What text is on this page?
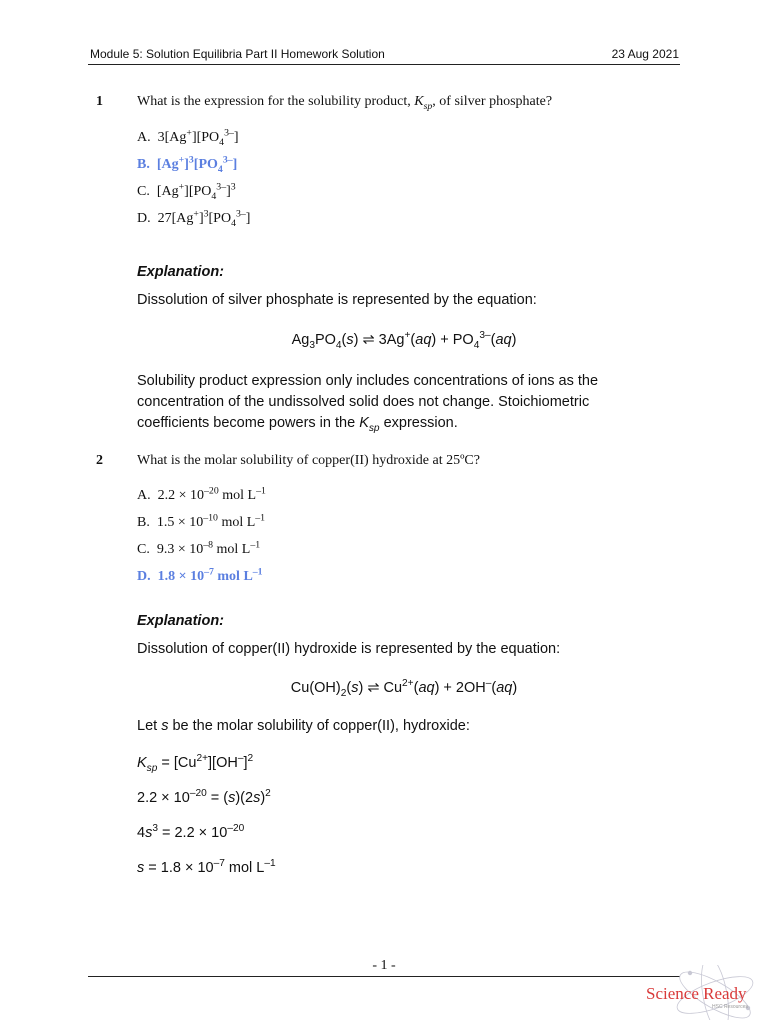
Module 5: Solution Equilibria Part II Homework Solution	23 Aug 2021
1 What is the expression for the solubility product, $K_{sp}$, of silver phosphate?
A.  $3[Ag^+][PO_4^{3-}]$
B.  $[Ag^+]^3[PO_4^{3-}]$
C.  $[Ag^+][PO_4^{3-}]^3$
D.  $27[Ag^+]^3[PO_4^{3-}]$
Explanation:
Dissolution of silver phosphate is represented by the equation:
$Ag_3PO_4(s)$ ⇌ $3Ag^+(aq) + PO_4^{3-}(aq)$
Solubility product expression only includes concentrations of ions as the concentration of the undissolved solid does not change. Stoichiometric coefficients become powers in the $K_{sp}$ expression.
2 What is the molar solubility of copper(II) hydroxide at 25ºC?
A.  $2.2 \times 10^{-20}$ mol $L^{-1}$
B.  $1.5 \times 10^{-10}$ mol $L^{-1}$
C.  $9.3 \times 10^{-8}$ mol $L^{-1}$
D.  $1.8 \times 10^{-7}$ mol $L^{-1}$
Explanation:
Dissolution of copper(II) hydroxide is represented by the equation:
$Cu(OH)_2(s)$ ⇌ $Cu^{2+}(aq) + 2OH^-(aq)$
Let s be the molar solubility of copper(II), hydroxide:
$K_{sp} = [Cu^{2+}][OH^-]^2$
$2.2 \times 10^{-20} = (s)(2s)^2$
$4s^3 = 2.2 \times 10^{-20}$
$s = 1.8 \times 10^{-7}$ mol $L^{-1}$
- 1 -
Science Ready
HSC Resources
